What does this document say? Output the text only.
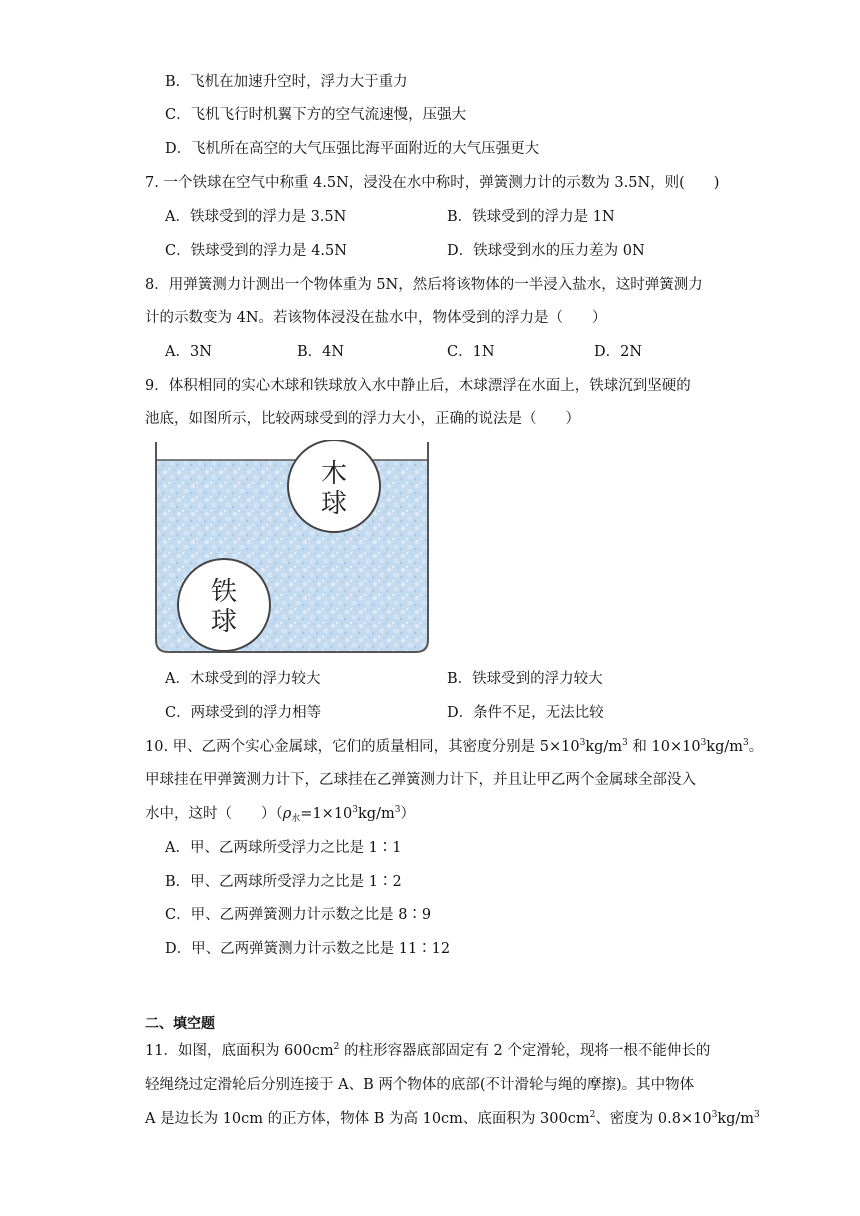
B．飞机在加速升空时，浮力大于重力
C．飞机飞行时机翼下方的空气流速慢，压强大
D．飞机所在高空的大气压强比海平面附近的大气压强更大
7. 一个铁球在空气中称重 4.5N，浸没在水中称时，弹簧测力计的示数为 3.5N，则(　　)
A．铁球受到的浮力是 3.5N	B．铁球受到的浮力是 1N
C．铁球受到的浮力是 4.5N	D．铁球受到水的压力差为 0N
8．用弹簧测力计测出一个物体重为 5N，然后将该物体的一半浸入盐水，这时弹簧测力
计的示数变为 4N。若该物体浸没在盐水中，物体受到的浮力是（　　）
A．3N	B．4N	C．1N	D．2N
9．体积相同的实心木球和铁球放入水中静止后，木球漂浮在水面上，铁球沉到坚硬的
池底，如图所示，比较两球受到的浮力大小，正确的说法是（　　）
木
球
铁
球
A．木球受到的浮力较大	B．铁球受到的浮力较大
C．两球受到的浮力相等	D．条件不足，无法比较
10. 甲、乙两个实心金属球，它们的质量相同，其密度分别是 $5\times 10^3kg/m^3$ 和 $10\times 10^3kg/m^3$。
甲球挂在甲弹簧测力计下，乙球挂在乙弹簧测力计下，并且让甲乙两个金属球全部没入
水中，这时（　　）$(\rho_水=1\times 10^3kg/m^3)$
A．甲、乙两球所受浮力之比是 1∶1
B．甲、乙两球所受浮力之比是 1∶2
C．甲、乙两弹簧测力计示数之比是 8∶9
D．甲、乙两弹簧测力计示数之比是 11∶12
二、填空题
11．如图，底面积为 $600cm^2$ 的柱形容器底部固定有 2 个定滑轮，现将一根不能伸长的
轻绳绕过定滑轮后分别连接于 A、B 两个物体的底部(不计滑轮与绳的摩擦)。其中物体
A 是边长为 10cm 的正方体，物体 B 为高 10cm、底面积为 $300cm^2$、密度为 $0.8\times 10^3kg/m^3$
